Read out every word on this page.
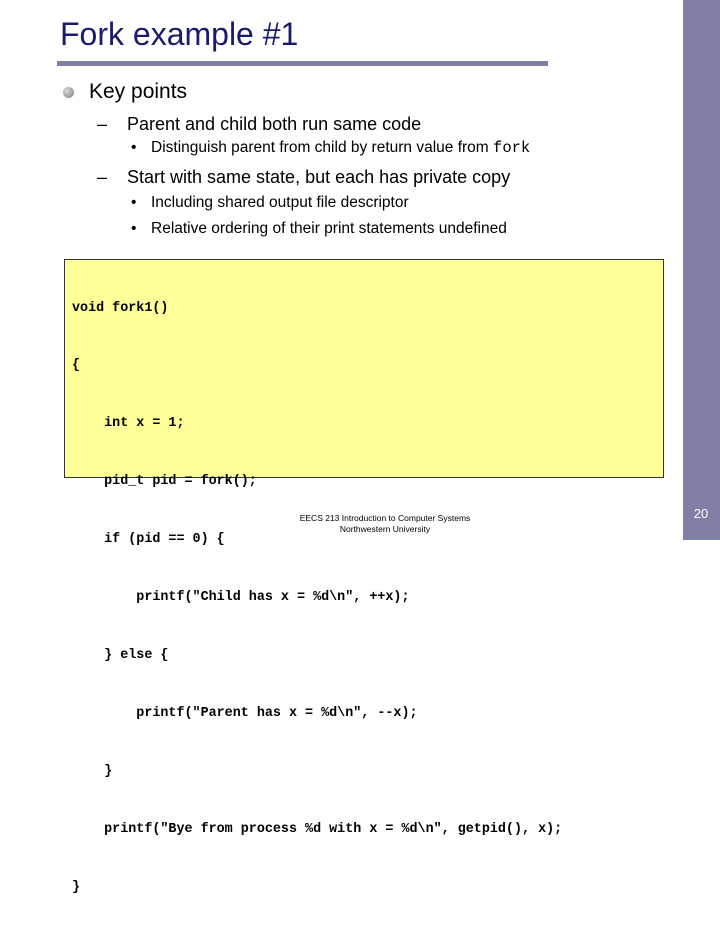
Fork example #1
Key points
– Parent and child both run same code
• Distinguish parent from child by return value from fork
– Start with same state, but each has private copy
• Including shared output file descriptor
• Relative ordering of their print statements undefined

void fork1()

{

int x = 1;

pid_t pid = fork();

if (pid == 0) {

printf("Child has x = %d\n", ++x);

} else {

printf("Parent has x = %d\n", --x);

}

printf("Bye from process %d with x = %d\n", getpid(), x);

}

EECS 213 Introduction to Computer Systems
Northwestern University
20
